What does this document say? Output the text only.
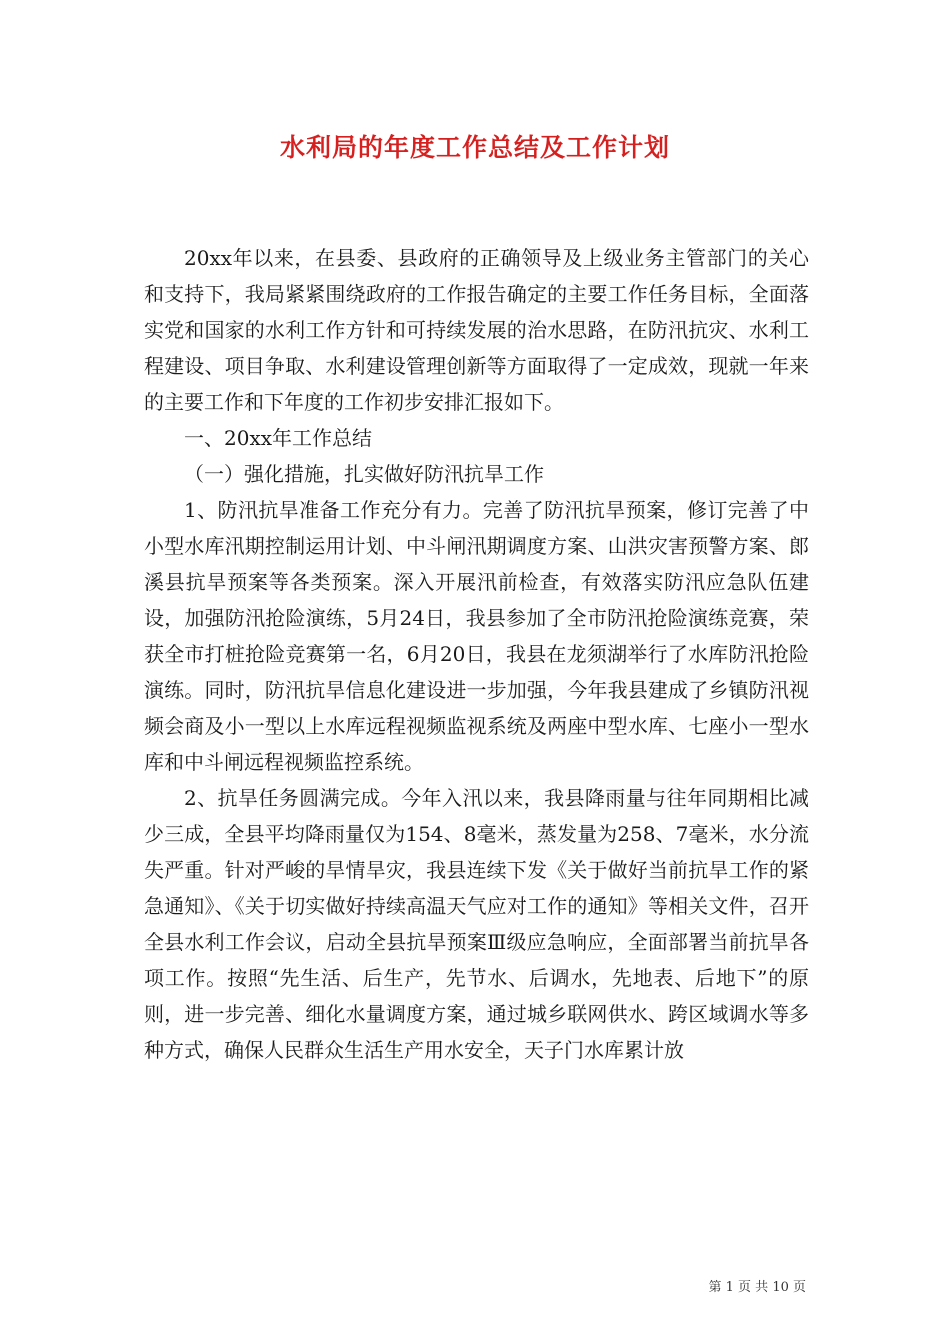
水利局的年度工作总结及工作计划

20xx年以来，在县委、县政府的正确领导及上级业务主管部门的关心和支持下，我局紧紧围绕政府的工作报告确定的主要工作任务目标，全面落实党和国家的水利工作方针和可持续发展的治水思路，在防汛抗灾、水利工程建设、项目争取、水利建设管理创新等方面取得了一定成效，现就一年来的主要工作和下年度的工作初步安排汇报如下。

一、20xx年工作总结

（一）强化措施，扎实做好防汛抗旱工作

1、防汛抗旱准备工作充分有力。完善了防汛抗旱预案，修订完善了中小型水库汛期控制运用计划、中斗闸汛期调度方案、山洪灾害预警方案、郎溪县抗旱预案等各类预案。深入开展汛前检查，有效落实防汛应急队伍建设，加强防汛抢险演练，5月24日，我县参加了全市防汛抢险演练竞赛，荣获全市打桩抢险竞赛第一名，6月20日，我县在龙须湖举行了水库防汛抢险演练。同时，防汛抗旱信息化建设进一步加强，今年我县建成了乡镇防汛视频会商及小一型以上水库远程视频监视系统及两座中型水库、七座小一型水库和中斗闸远程视频监控系统。

2、抗旱任务圆满完成。今年入汛以来，我县降雨量与往年同期相比减少三成，全县平均降雨量仅为154、8毫米，蒸发量为258、7毫米，水分流失严重。针对严峻的旱情旱灾，我县连续下发《关于做好当前抗旱工作的紧急通知》、《关于切实做好持续高温天气应对工作的通知》等相关文件，召开全县水利工作会议，启动全县抗旱预案Ⅲ级应急响应，全面部署当前抗旱各项工作。按照“先生活、后生产，先节水、后调水，先地表、后地下”的原则，进一步完善、细化水量调度方案，通过城乡联网供水、跨区域调水等多种方式，确保人民群众生活生产用水安全，天子门水库累计放

第 1 页 共 10 页
